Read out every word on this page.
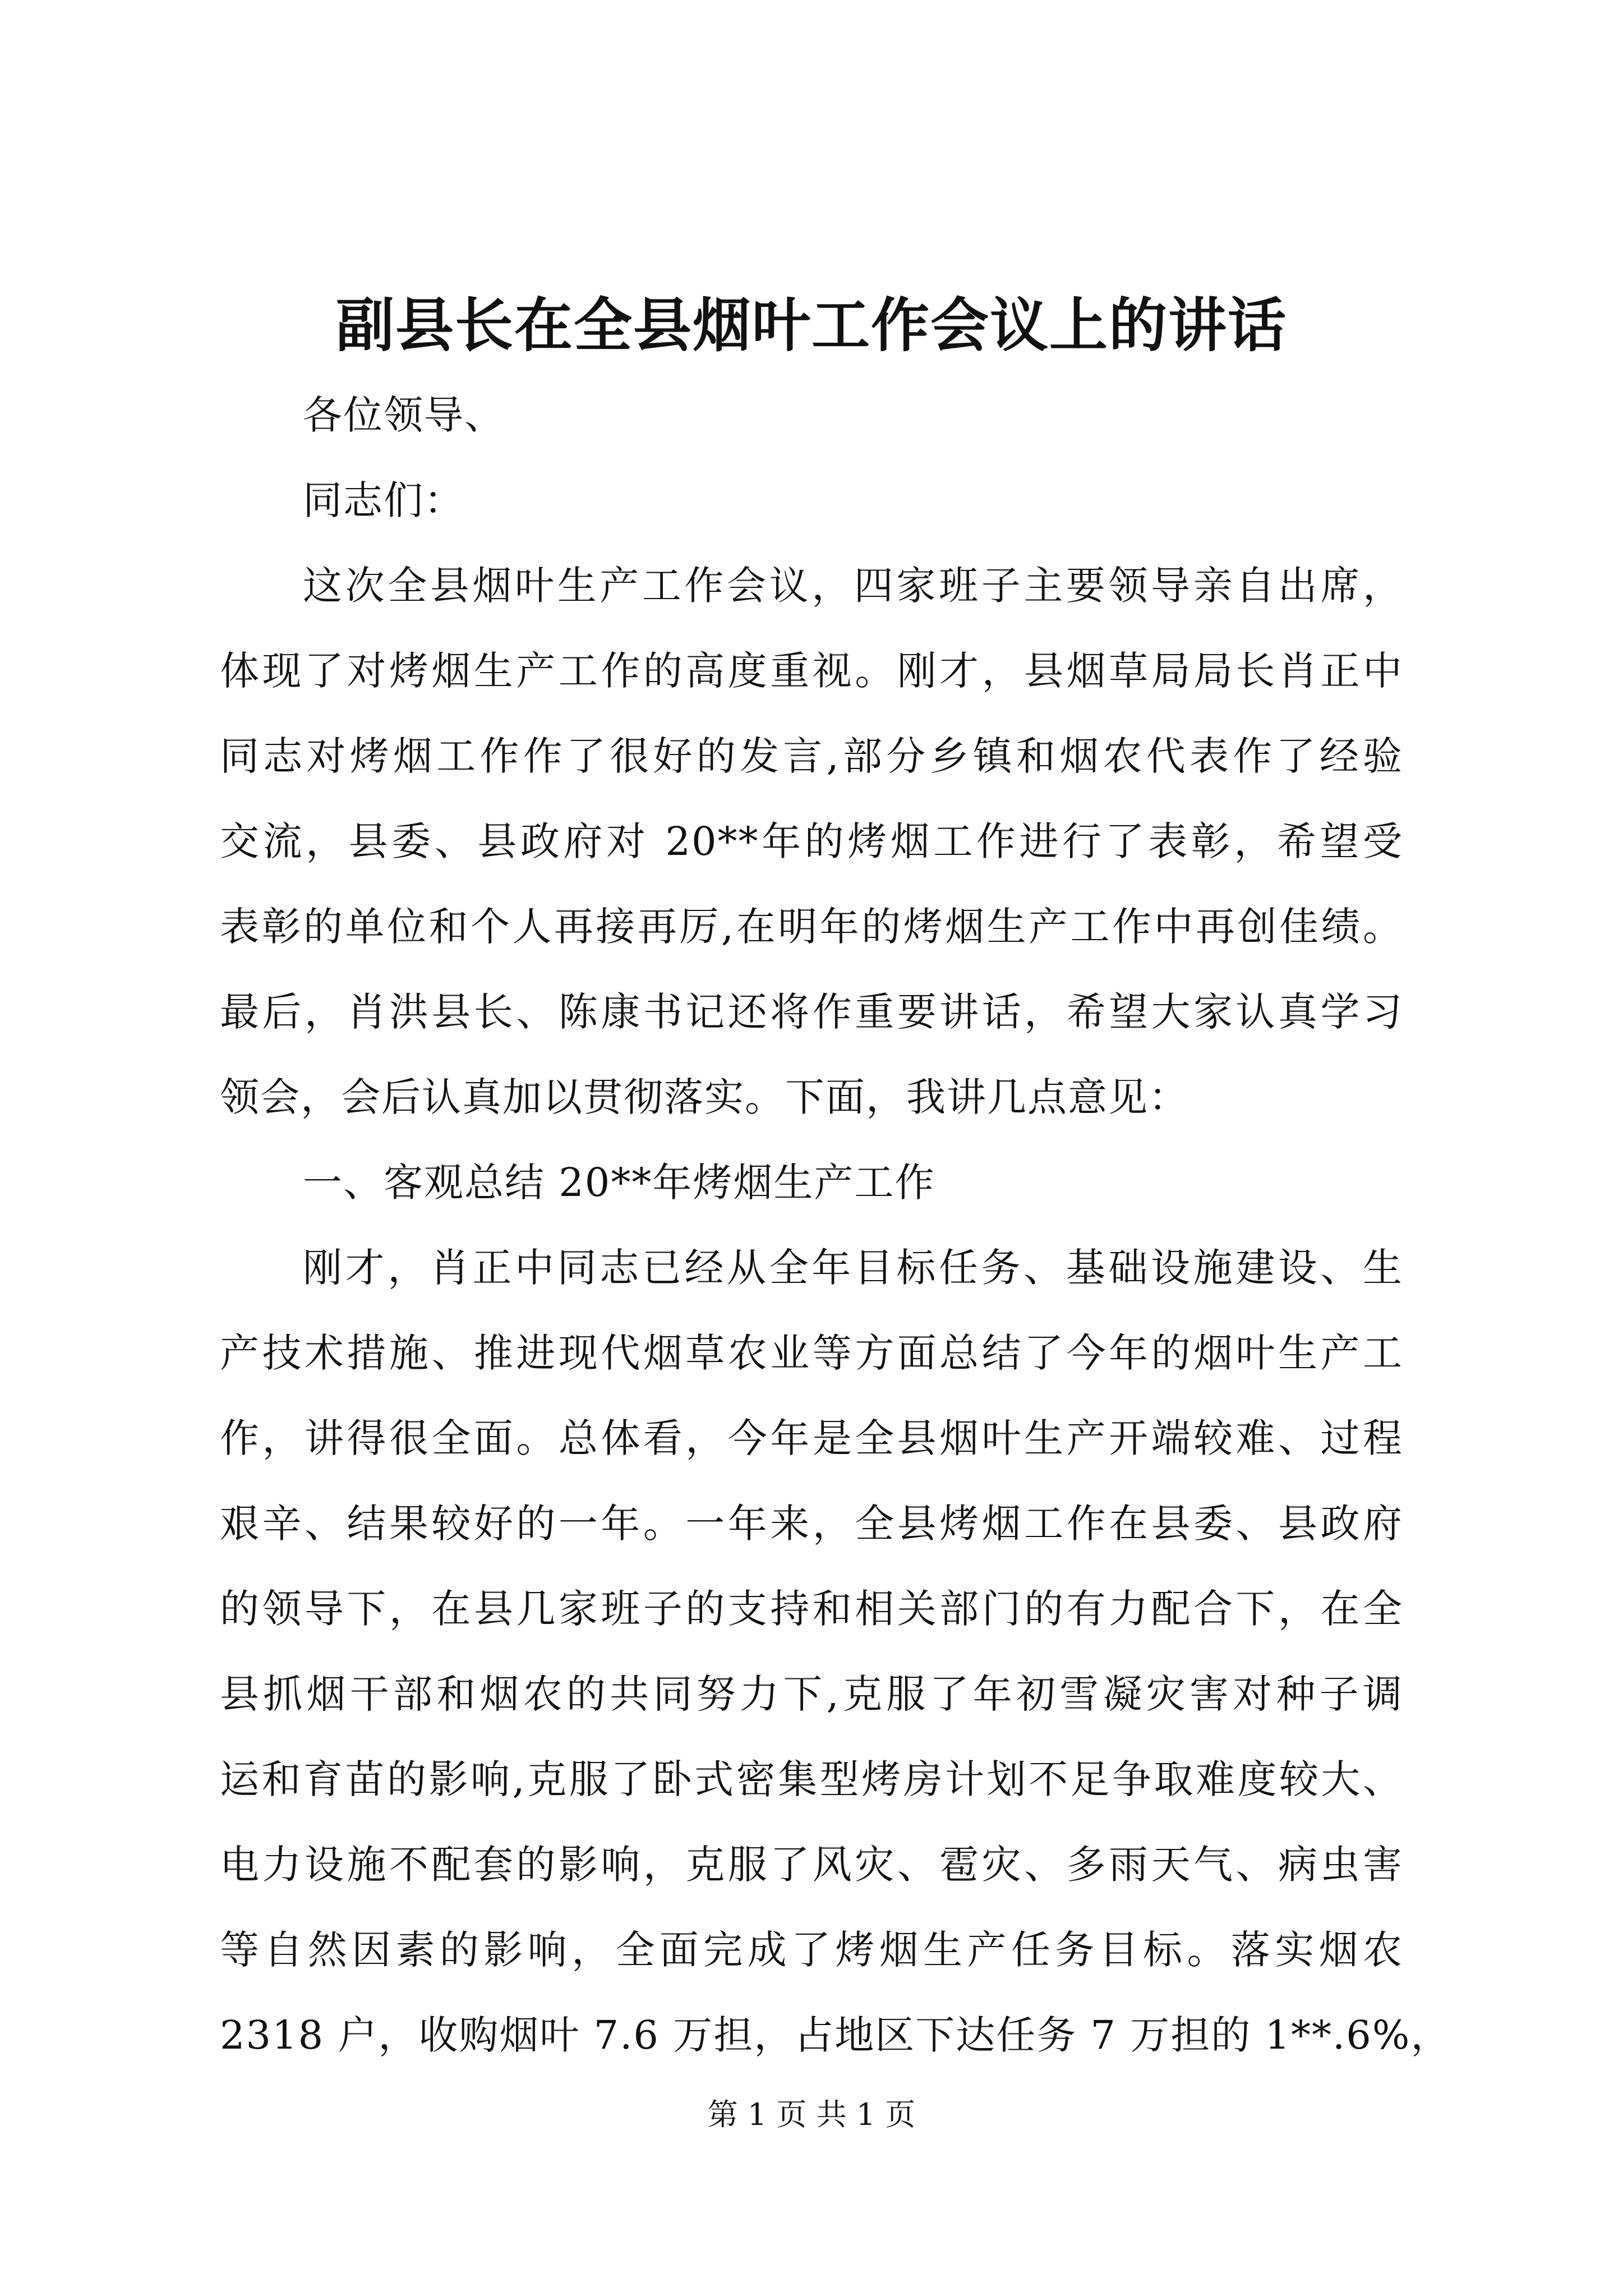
副县长在全县烟叶工作会议上的讲话
各位领导、
同志们：
这次全县烟叶生产工作会议，四家班子主要领导亲自出席，
体现了对烤烟生产工作的高度重视。刚才，县烟草局局长肖正中
同志对烤烟工作作了很好的发言,部分乡镇和烟农代表作了经验
交流，县委、县政府对 20**年的烤烟工作进行了表彰，希望受
表彰的单位和个人再接再厉,在明年的烤烟生产工作中再创佳绩。
最后，肖洪县长、陈康书记还将作重要讲话，希望大家认真学习
领会，会后认真加以贯彻落实。下面，我讲几点意见：
一、客观总结 20**年烤烟生产工作
刚才，肖正中同志已经从全年目标任务、基础设施建设、生
产技术措施、推进现代烟草农业等方面总结了今年的烟叶生产工
作，讲得很全面。总体看，今年是全县烟叶生产开端较难、过程
艰辛、结果较好的一年。一年来，全县烤烟工作在县委、县政府
的领导下，在县几家班子的支持和相关部门的有力配合下，在全
县抓烟干部和烟农的共同努力下,克服了年初雪凝灾害对种子调
运和育苗的影响,克服了卧式密集型烤房计划不足争取难度较大、
电力设施不配套的影响，克服了风灾、雹灾、多雨天气、病虫害
等自然因素的影响，全面完成了烤烟生产任务目标。落实烟农
2318 户，收购烟叶 7.6 万担，占地区下达任务 7 万担的 1**.6%，
第 1 页 共 1 页
